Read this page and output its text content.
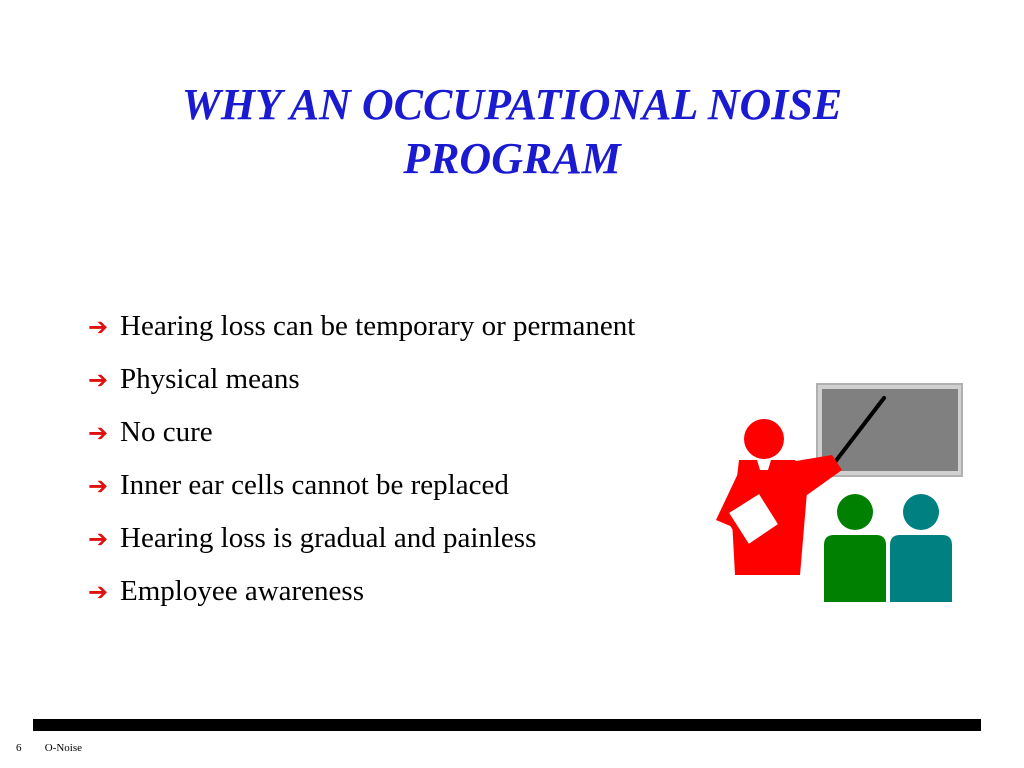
WHY AN OCCUPATIONAL NOISE
PROGRAM
➔ Hearing loss can be temporary or permanent
➔ Physical means
➔ No cure
➔ Inner ear cells cannot be replaced
➔ Hearing loss is gradual and painless
➔ Employee awareness
6 O-Noise
